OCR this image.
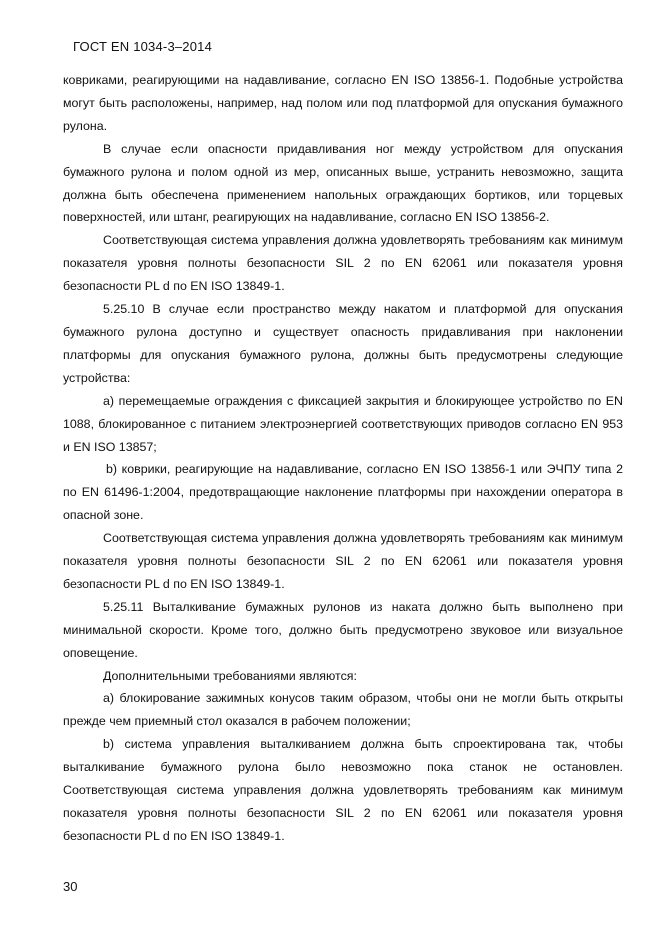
ГОСТ EN 1034-3–2014

ковриками, реагирующими на надавливание, согласно EN ISO 13856-1. Подобные устройства могут быть расположены, например, над полом или под платформой для опускания бумажного рулона.

В случае если опасности придавливания ног между устройством для опускания бумажного рулона и полом одной из мер, описанных выше, устранить невозможно, защита должна быть обеспечена применением напольных ограждающих бортиков, или торцевых поверхностей, или штанг, реагирующих на надавливание, согласно EN ISO 13856-2.

Соответствующая система управления должна удовлетворять требованиям как минимум показателя уровня полноты безопасности SIL 2 по EN 62061 или показателя уровня безопасности PL d по EN ISO 13849-1.

5.25.10 В случае если пространство между накатом и платформой для опускания бумажного рулона доступно и существует опасность придавливания при наклонении платформы для опускания бумажного рулона, должны быть предусмотрены следующие устройства:

а) перемещаемые ограждения с фиксацией закрытия и блокирующее устройство по EN 1088, блокированное с питанием электроэнергией соответствующих приводов согласно EN 953 и EN ISO 13857;

b) коврики, реагирующие на надавливание, согласно EN ISO 13856-1 или ЭЧПУ типа 2 по EN 61496-1:2004, предотвращающие наклонение платформы при нахождении оператора в опасной зоне.

Соответствующая система управления должна удовлетворять требованиям как минимум показателя уровня полноты безопасности SIL 2 по EN 62061 или показателя уровня безопасности PL d по EN ISO 13849-1.

5.25.11 Выталкивание бумажных рулонов из наката должно быть выполнено при минимальной скорости. Кроме того, должно быть предусмотрено звуковое или визуальное оповещение.

Дополнительными требованиями являются:

а) блокирование зажимных конусов таким образом, чтобы они не могли быть открыты прежде чем приемный стол оказался в рабочем положении;

b) система управления выталкиванием должна быть спроектирована так, чтобы выталкивание бумажного рулона было невозможно пока станок не остановлен. Соответствующая система управления должна удовлетворять требованиям как минимум показателя уровня полноты безопасности SIL 2 по EN 62061 или показателя уровня безопасности PL d по EN ISO 13849-1.

30
